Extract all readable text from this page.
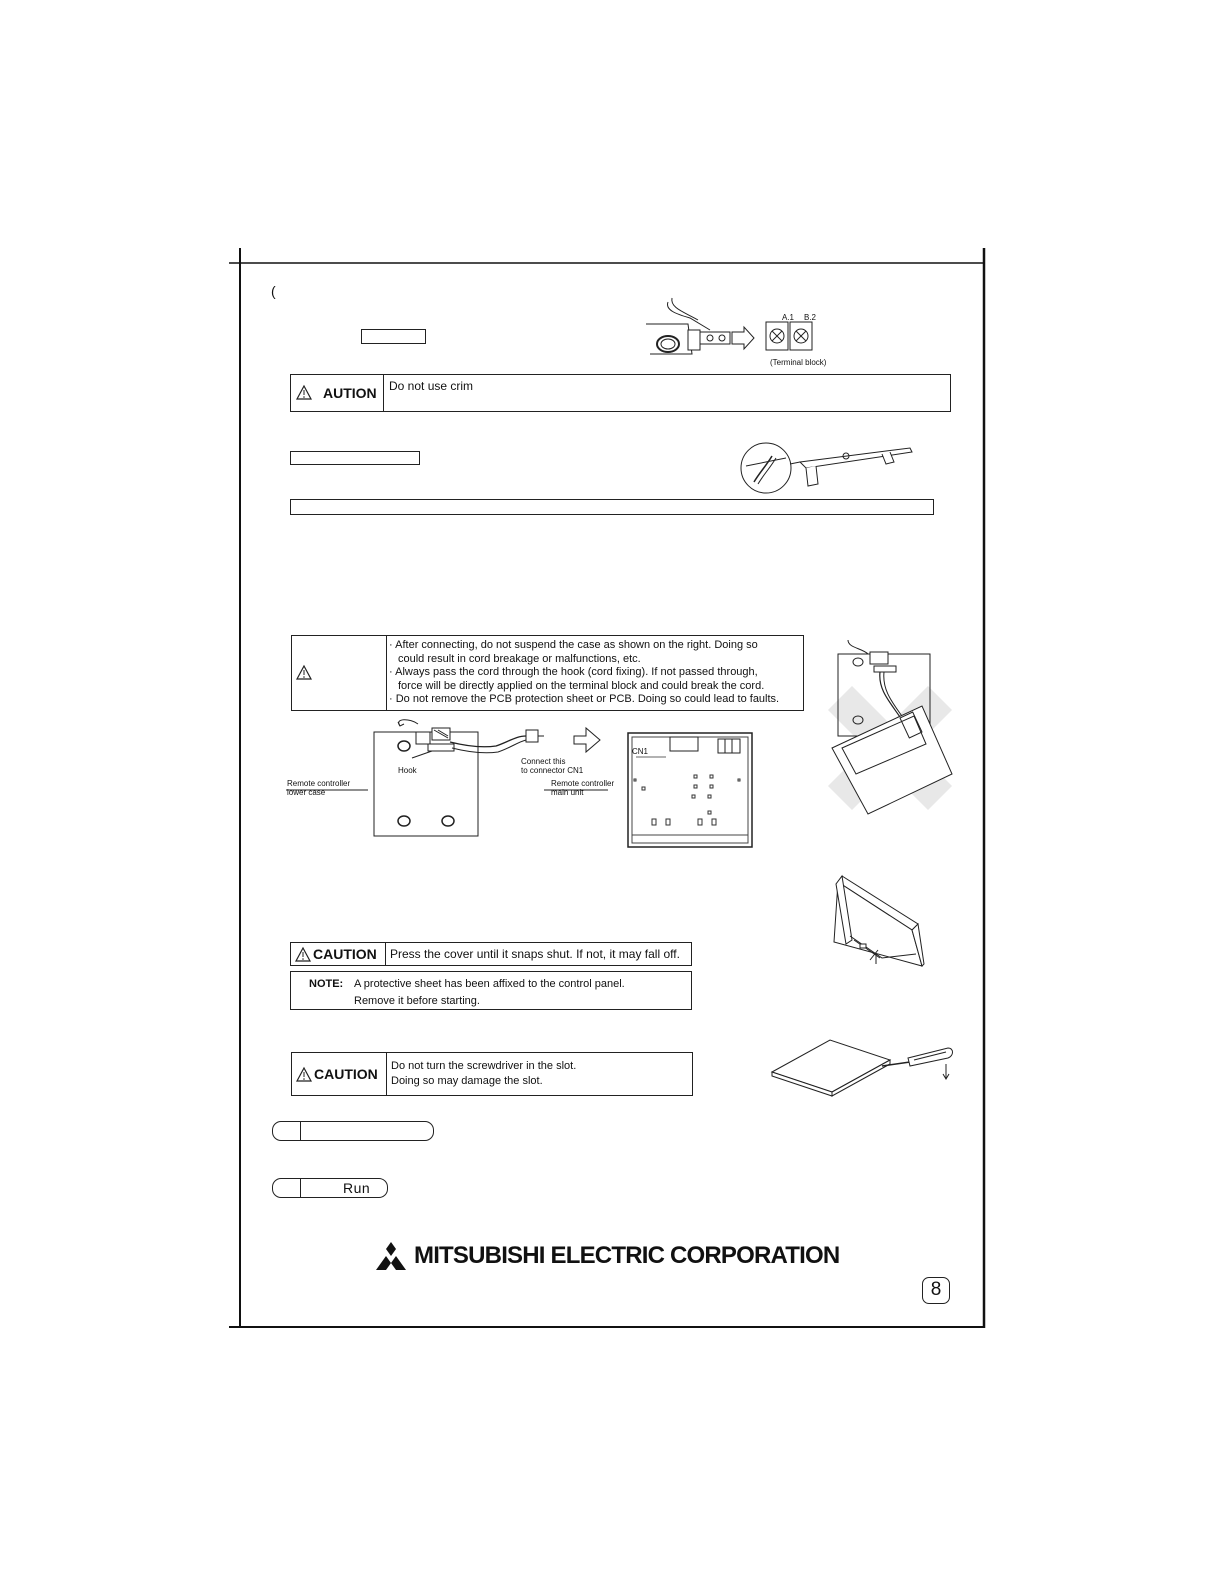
(
A.1 B.2
(Terminal block)
AUTION Do not use crim
· After connecting, do not suspend the case as shown on the right. Doing so
could result in cord breakage or malfunctions, etc.
· Always pass the cord through the hook (cord fixing). If not passed through,
force will be directly applied on the terminal block and could break the cord.
· Do not remove the PCB protection sheet or PCB. Doing so could lead to faults.
Hook
Remote controller
lower case
Connect this
to connector CN1
Remote controller
main unit
CN1
CAUTION Press the cover until it snaps shut. If not, it may fall off.
NOTE: A protective sheet has been affixed to the control panel.
Remove it before starting.
CAUTION Do not turn the screwdriver in the slot.
Doing so may damage the slot.
Run
MITSUBISHI ELECTRIC CORPORATION
8
